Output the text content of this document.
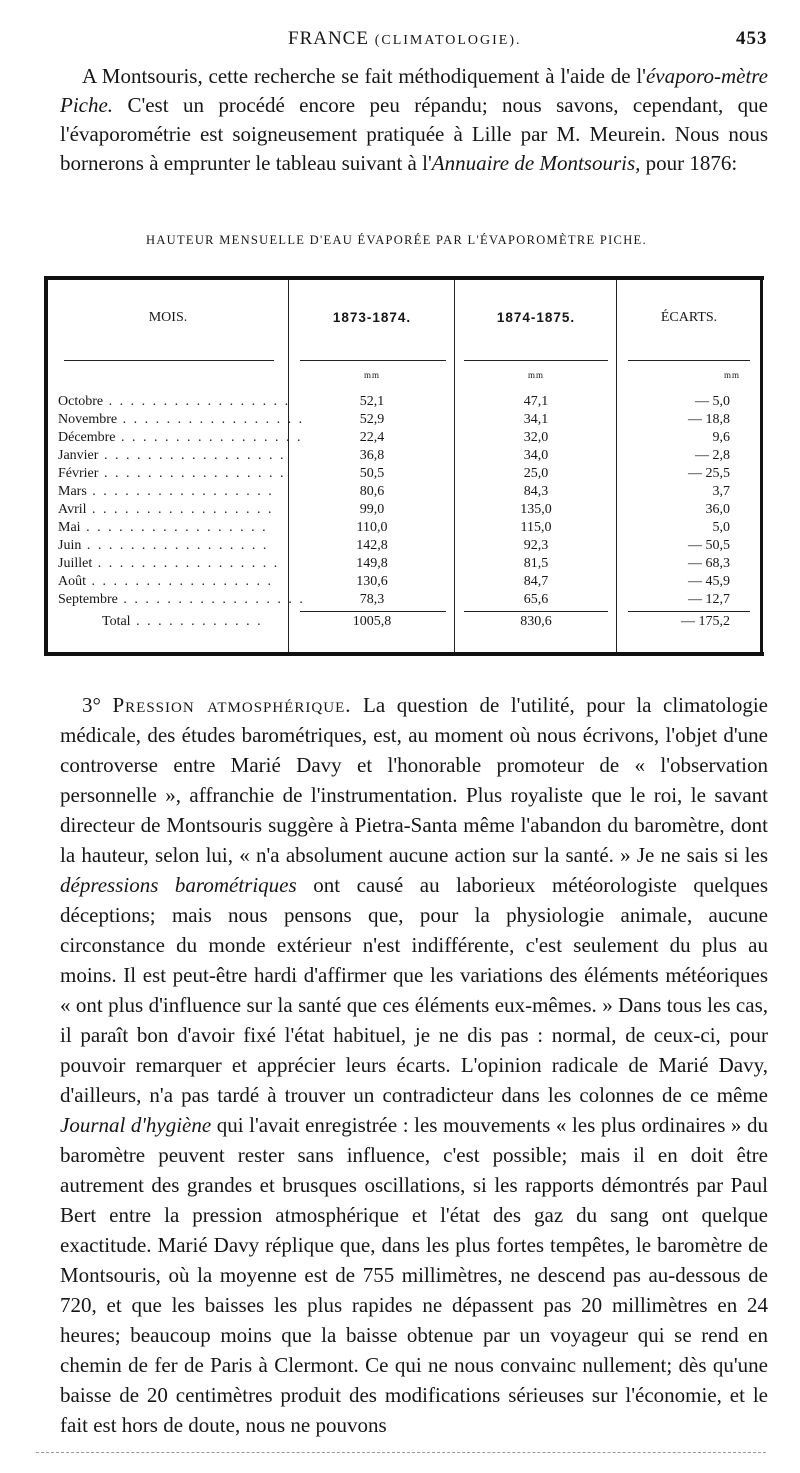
FRANCE (CLIMATOLOGIE).	453

A Montsouris, cette recherche se fait méthodiquement à l'aide de l'évaporo-mètre Piche. C'est un procédé encore peu répandu; nous savons, cependant, que l'évaporométrie est soigneusement pratiquée à Lille par M. Meurein. Nous nous bornerons à emprunter le tableau suivant à l'Annuaire de Montsouris, pour 1876:

HAUTEUR MENSUELLE D'EAU ÉVAPORÉE PAR L'ÉVAPOROMÈTRE PICHE.
MOIS.	1873-1874.	1874-1875.	ÉCARTS.
mm	mm	mm
Octobre . . . . . . . . . . . . . . . . .	52,1	47,1	— 5,0
Novembre . . . . . . . . . . . . . . . . .	52,9	34,1	— 18,8
Décembre . . . . . . . . . . . . . . . . .	22,4	32,0	9,6
Janvier . . . . . . . . . . . . . . . . .	36,8	34,0	— 2,8
Février . . . . . . . . . . . . . . . . .	50,5	25,0	— 25,5
Mars . . . . . . . . . . . . . . . . .	80,6	84,3	3,7
Avril . . . . . . . . . . . . . . . . .	99,0	135,0	36,0
Mai . . . . . . . . . . . . . . . . .	110,0	115,0	5,0
Juin . . . . . . . . . . . . . . . . .	142,8	92,3	— 50,5
Juillet . . . . . . . . . . . . . . . . .	149,8	81,5	— 68,3
Août . . . . . . . . . . . . . . . . .	130,6	84,7	— 45,9
Septembre . . . . . . . . . . . . . . . . .	78,3	65,6	— 12,7
Total . . . . . . . . . . . .	1005,8	830,6	— 175,2

3° Pression atmosphérique. La question de l'utilité, pour la climatologie médicale, des études barométriques, est, au moment où nous écrivons, l'objet d'une controverse entre Marié Davy et l'honorable promoteur de « l'observation personnelle », affranchie de l'instrumentation. Plus royaliste que le roi, le savant directeur de Montsouris suggère à Pietra-Santa même l'abandon du baromètre, dont la hauteur, selon lui, « n'a absolument aucune action sur la santé. » Je ne sais si les dépressions barométriques ont causé au laborieux météorologiste quelques déceptions; mais nous pensons que, pour la physiologie animale, aucune circonstance du monde extérieur n'est indifférente, c'est seulement du plus au moins. Il est peut-être hardi d'affirmer que les variations des éléments météoriques « ont plus d'influence sur la santé que ces éléments eux-mêmes. » Dans tous les cas, il paraît bon d'avoir fixé l'état habituel, je ne dis pas : normal, de ceux-ci, pour pouvoir remarquer et apprécier leurs écarts. L'opinion radicale de Marié Davy, d'ailleurs, n'a pas tardé à trouver un contradicteur dans les colonnes de ce même Journal d'hygiène qui l'avait enregistrée : les mouvements « les plus ordinaires » du baromètre peuvent rester sans influence, c'est possible; mais il en doit être autrement des grandes et brusques oscillations, si les rapports démontrés par Paul Bert entre la pression atmosphérique et l'état des gaz du sang ont quelque exactitude. Marié Davy réplique que, dans les plus fortes tempêtes, le baromètre de Montsouris, où la moyenne est de 755 millimètres, ne descend pas au-dessous de 720, et que les baisses les plus rapides ne dépassent pas 20 millimètres en 24 heures; beaucoup moins que la baisse obtenue par un voyageur qui se rend en chemin de fer de Paris à Clermont. Ce qui ne nous convainc nullement; dès qu'une baisse de 20 centimètres produit des modifications sérieuses sur l'économie, et le fait est hors de doute, nous ne pouvons
